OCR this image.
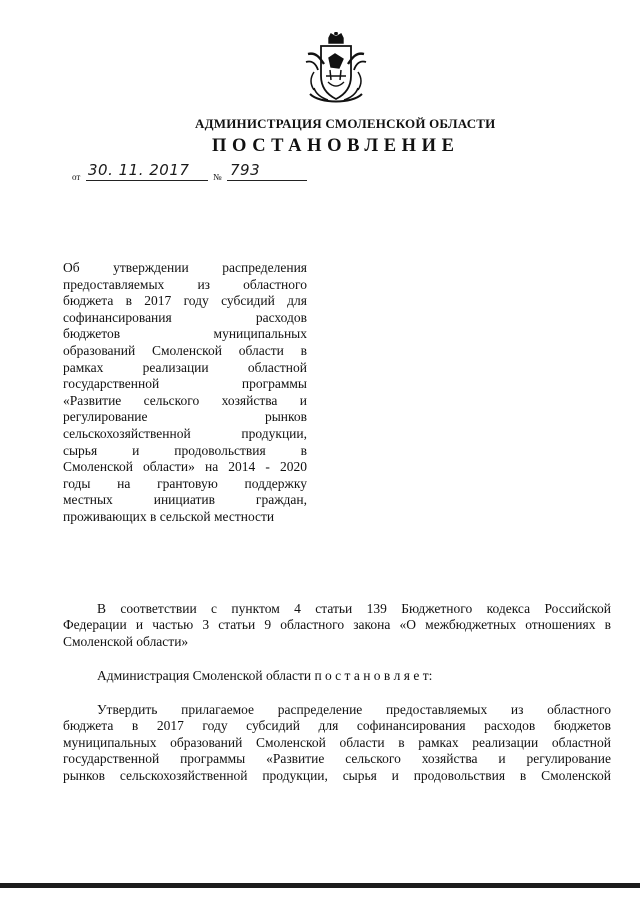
АДМИНИСТРАЦИЯ СМОЛЕНСКОЙ ОБЛАСТИ
ПОСТАНОВЛЕНИЕ
от 30. 11. 2017	№ 793
Об утверждении распределения
предоставляемых из областного
бюджета в 2017 году субсидий для
софинансирования расходов
бюджетов муниципальных
образований Смоленской области в
рамках реализации областной
государственной программы
«Развитие сельского хозяйства и
регулирование рынков
сельскохозяйственной продукции,
сырья и продовольствия в
Смоленской области» на 2014 - 2020
годы на грантовую поддержку
местных инициатив граждан,
проживающих в сельской местности
В соответствии с пунктом 4 статьи 139 Бюджетного кодекса Российской
Федерации и частью 3 статьи 9 областного закона «О межбюджетных отношениях в
Смоленской области»
Администрация Смоленской области п о с т а н о в л я е т:
Утвердить прилагаемое распределение предоставляемых из областного
бюджета в 2017 году субсидий для софинансирования расходов бюджетов
муниципальных образований Смоленской области в рамках реализации областной
государственной программы «Развитие сельского хозяйства и регулирование
рынков сельскохозяйственной продукции, сырья и продовольствия в Смоленской
